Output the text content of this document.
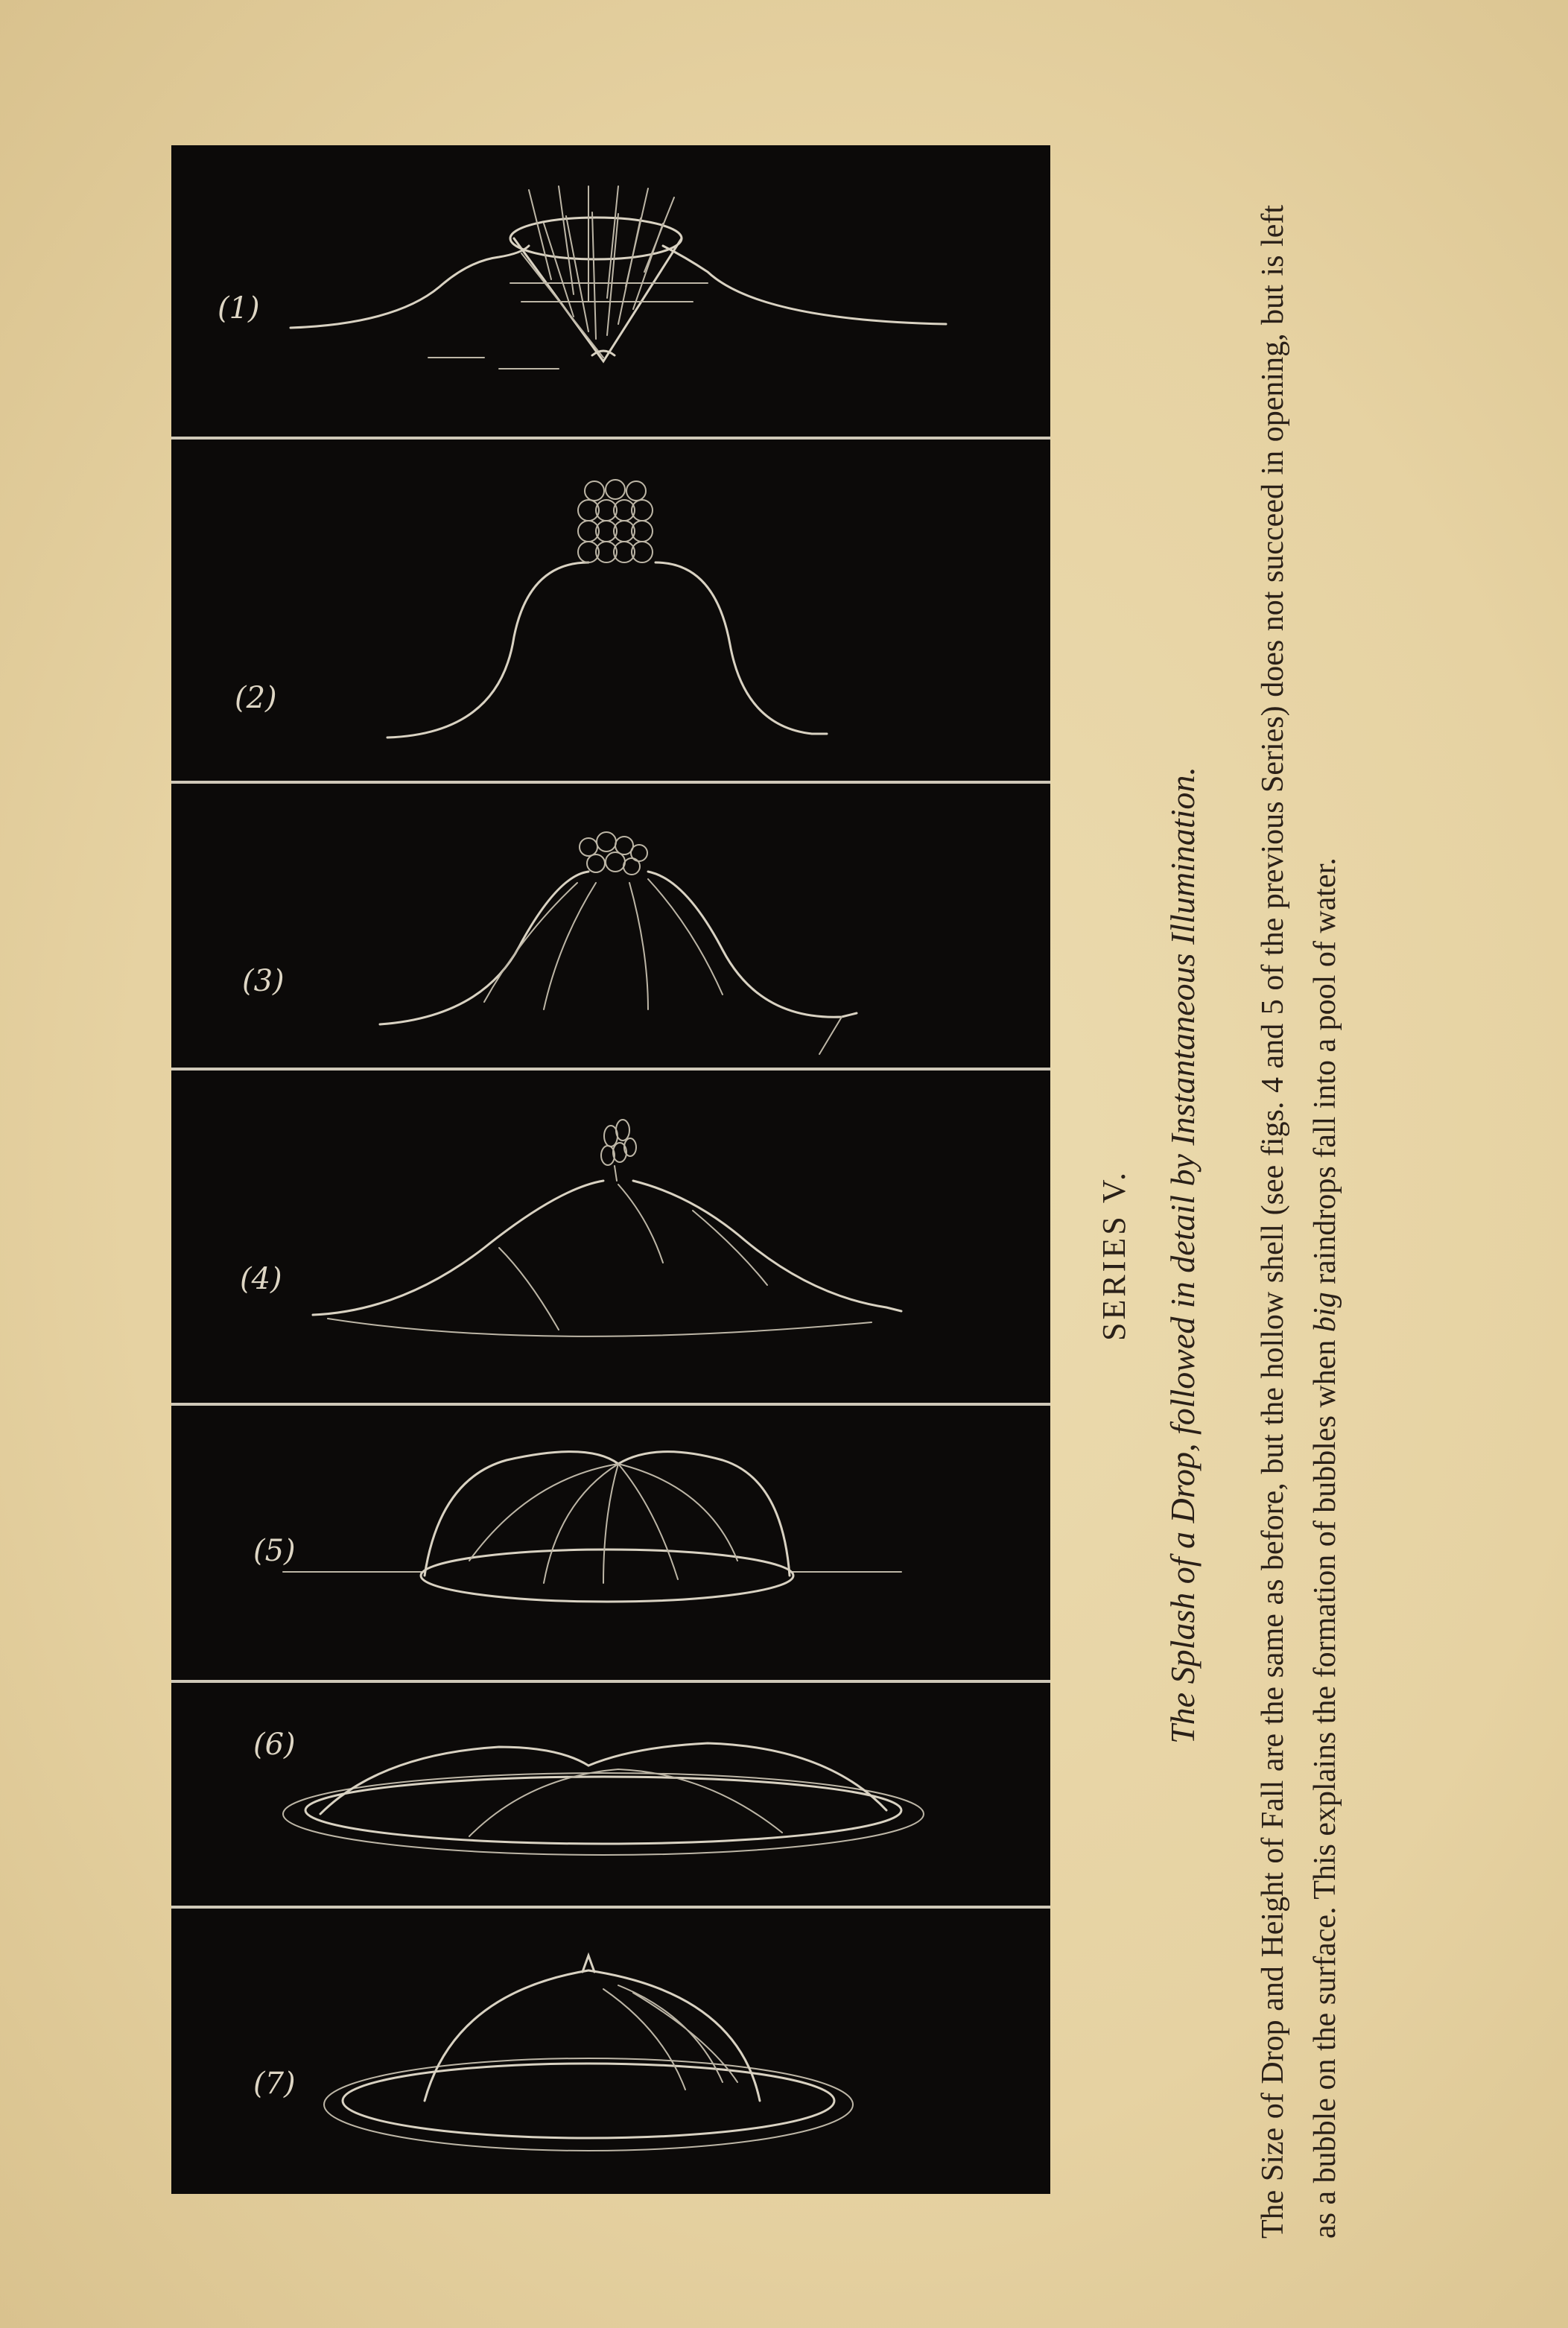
(1)
(2)
(3)
(4)
(5)
(6)
(7)
SERIES V. The Splash of a Drop, followed in detail by Instantaneous Illumination. The Size of Drop and Height of Fall are the same as before, but the hollow shell (see figs. 4 and 5 of the previous Series) does not succeed in opening, but is left as a bubble on the surface. This explains the formation of bubbles when big raindrops fall into a pool of water.
